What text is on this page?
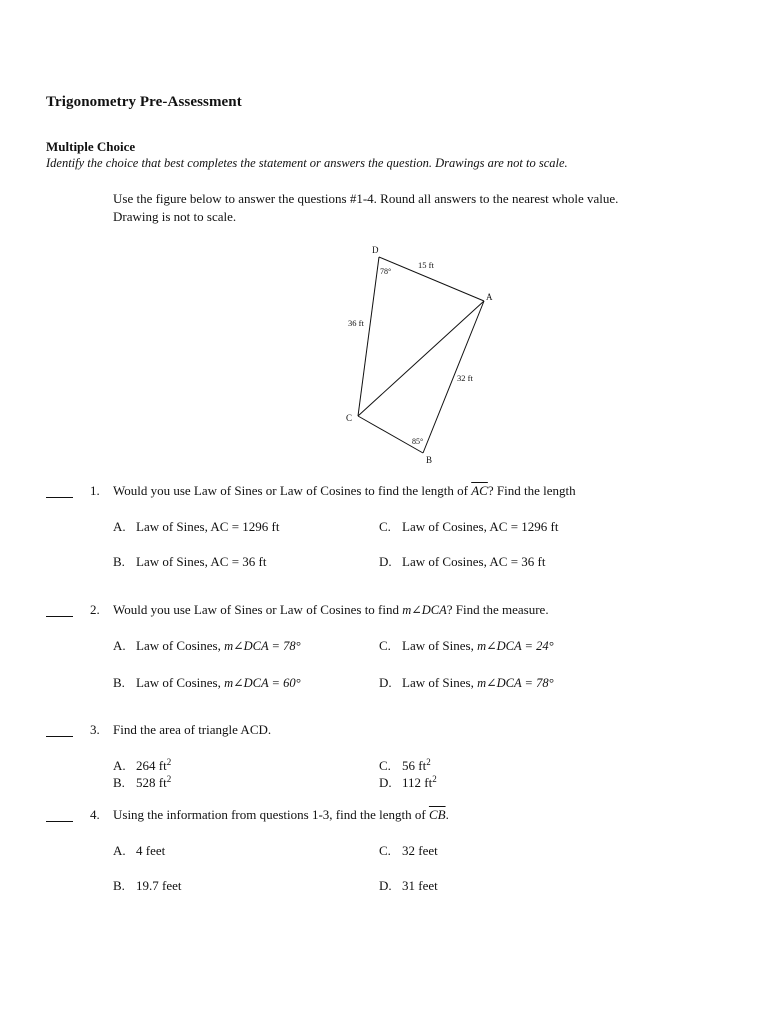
Trigonometry Pre-Assessment
Multiple Choice
Identify the choice that best completes the statement or answers the question. Drawings are not to scale.
Use the figure below to answer the questions #1-4. Round all answers to the nearest whole value.
Drawing is not to scale.
D
A
C
B
15 ft
36 ft
32 ft
78°
85°
1. Would you use Law of Sines or Law of Cosines to find the length of $\overline{AC}$? Find the length
A. Law of Sines, AC = 1296 ft	C. Law of Cosines, AC = 1296 ft
B. Law of Sines, AC = 36 ft	D. Law of Cosines, AC = 36 ft
2. Would you use Law of Sines or Law of Cosines to find m∠DCA? Find the measure.
A. Law of Cosines, m∠DCA = 78°	C. Law of Sines, m∠DCA = 24°
B. Law of Cosines, m∠DCA = 60°	D. Law of Sines, m∠DCA = 78°
3. Find the area of triangle ACD.
A. 264 $ft^2$	C. 56 $ft^2$
B. 528 $ft^2$	D. 112 $ft^2$
4. Using the information from questions 1-3, find the length of $\overline{CB}$.
A. 4 feet	C. 32 feet
B. 19.7 feet	D. 31 feet
